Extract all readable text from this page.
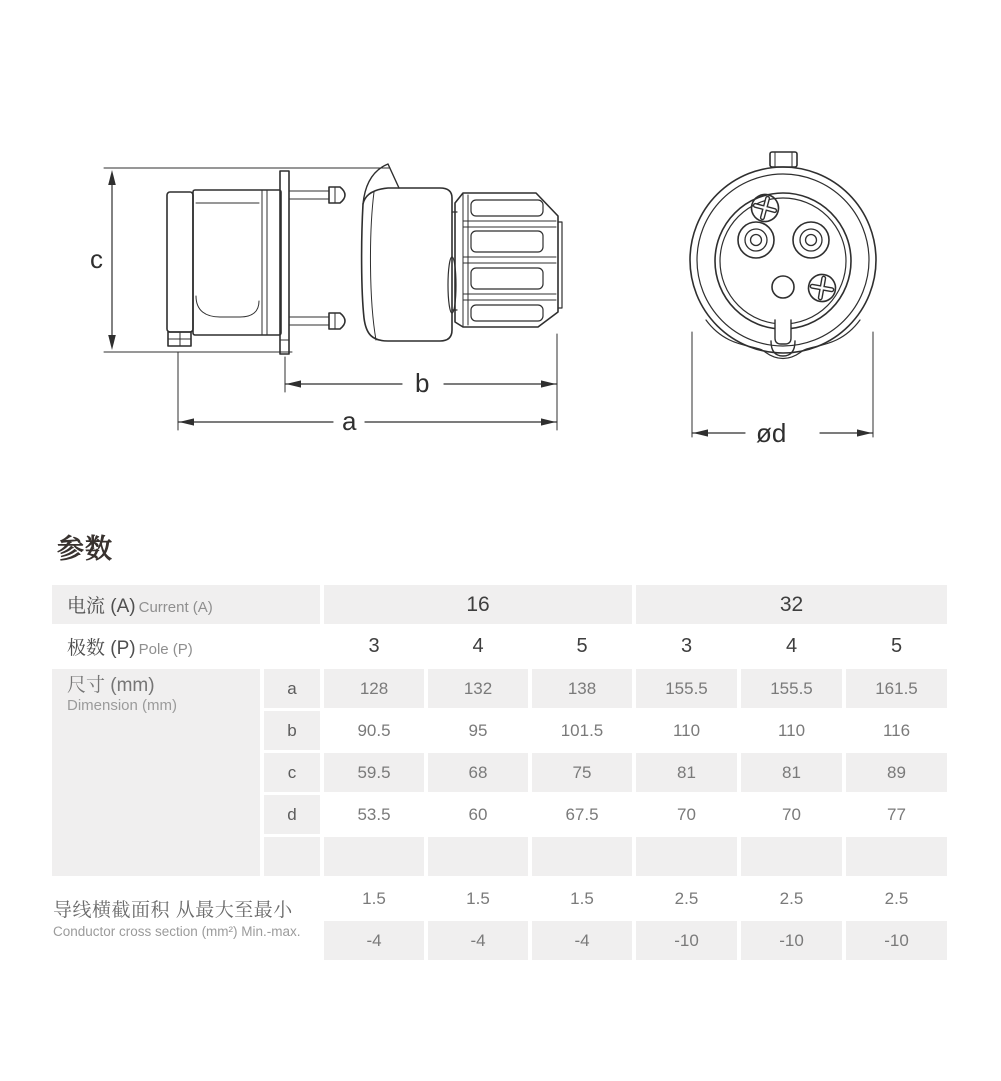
c
b
a	ød
参数
电流 (A) Current (A)		16			32		
极数 (P) Pole (P)		3	4	5	3	4	5

尺寸 (mm)
Dimension (mm)	a	128	132	138	155.5	155.5	161.5
	b	90.5	95	101.5	110	110	116
	c	59.5	68	75	81	81	89
	d	53.5	60	67.5	70	70	77

导线横截面积 从最大至最小
Conductor cross section (mm²) Min.-max.		1.5	1.5	1.5	2.5	2.5	2.5
		-4	-4	-4	-10	-10	-10
